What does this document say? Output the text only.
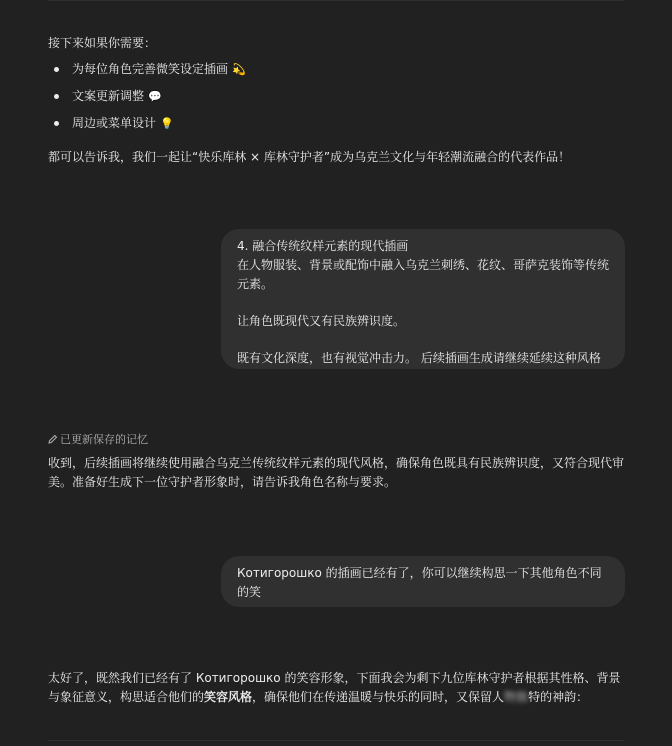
接下来如果你需要：
为每位角色完善微笑设定插画 💫
文案更新调整 💬
周边或菜单设计 💡
都可以告诉我，我们一起让“快乐库林 × 库林守护者”成为乌克兰文化与年轻潮流融合的代表作品！
4. 融合传统纹样元素的现代插画
在人物服装、背景或配饰中融入乌克兰刺绣、花纹、哥萨克装饰等传统元素。
让角色既现代又有民族辨识度。
既有文化深度，也有视觉冲击力。 后续插画生成请继续延续这种风格
已更新保存的记忆
收到，后续插画将继续使用融合乌克兰传统纹样元素的现代风格，确保角色既具有民族辨识度，又符合现代审美。准备好生成下一位守护者形象时，请告诉我角色名称与要求。
Котигорошко 的插画已经有了，你可以继续构思一下其他角色不同的笑
太好了，既然我们已经有了 Котигорошко 的笑容形象，下面我会为剩下九位库林守护者根据其性格、背景与象征意义，构思适合他们的笑容风格，确保他们在传递温暖与快乐的同时，又保留人物独特的神韵：
